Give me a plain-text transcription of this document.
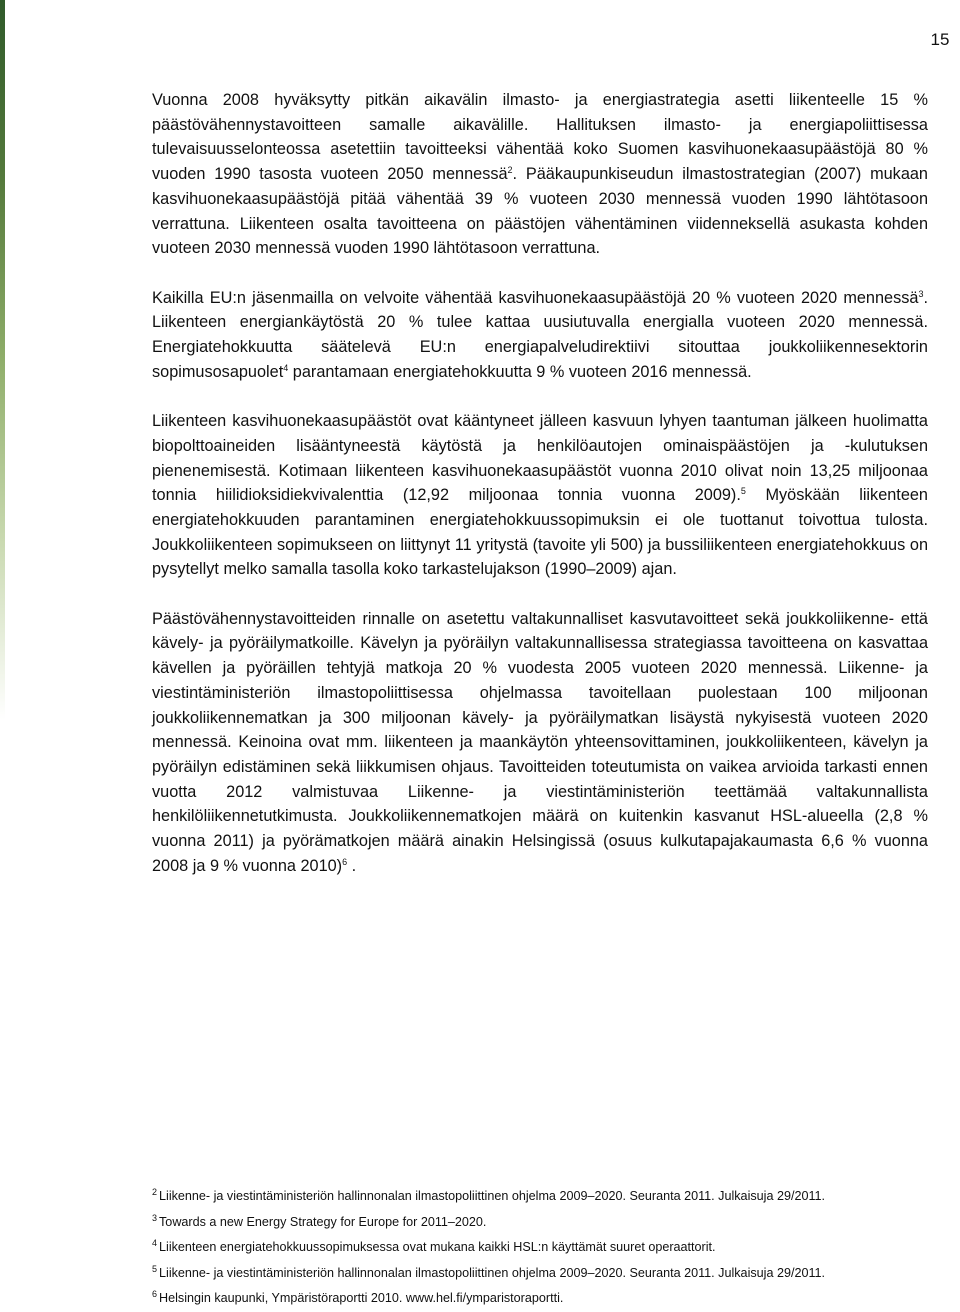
15

Vuonna 2008 hyväksytty pitkän aikavälin ilmasto- ja energiastrategia asetti liikenteelle 15 % päästövähennystavoitteen samalle aikavälille. Hallituksen ilmasto- ja energiapoliittisessa tulevaisuusselonteossa asetettiin tavoitteeksi vähentää koko Suomen kasvihuonekaasupäästöjä 80 % vuoden 1990 tasosta vuoteen 2050 mennessä$^2$. Pääkaupunkiseudun ilmastostrategian (2007) mukaan kasvihuonekaasupäästöjä pitää vähentää 39 % vuoteen 2030 mennessä vuoden 1990 lähtötasoon verrattuna. Liikenteen osalta tavoitteena on päästöjen vähentäminen viidenneksellä asukasta kohden vuoteen 2030 mennessä vuoden 1990 lähtötasoon verrattuna.

Kaikilla EU:n jäsenmailla on velvoite vähentää kasvihuonekaasupäästöjä 20 % vuoteen 2020 mennessä$^3$. Liikenteen energiankäytöstä 20 % tulee kattaa uusiutuvalla energialla vuoteen 2020 mennessä. Energiatehokkuutta säätelevä EU:n energiapalveludirektiivi sitouttaa joukkoliikennesektorin sopimusosapuolet$^4$ parantamaan energiatehokkuutta 9 % vuoteen 2016 mennessä.

Liikenteen kasvihuonekaasupäästöt ovat kääntyneet jälleen kasvuun lyhyen taantuman jälkeen huolimatta biopolttoaineiden lisääntyneestä käytöstä ja henkilöautojen ominaispäästöjen ja -kulutuksen pienenemisestä. Kotimaan liikenteen kasvihuonekaasupäästöt vuonna 2010 olivat noin 13,25 miljoonaa tonnia hiilidioksidiekvivalenttia (12,92 miljoonaa tonnia vuonna 2009).$^5$ Myöskään liikenteen energiatehokkuuden parantaminen energiatehokkuussopimuksin ei ole tuottanut toivottua tulosta. Joukkoliikenteen sopimukseen on liittynyt 11 yritystä (tavoite yli 500) ja bussiliikenteen energiatehokkuus on pysytellyt melko samalla tasolla koko tarkastelujakson (1990–2009) ajan.

Päästövähennystavoitteiden rinnalle on asetettu valtakunnalliset kasvutavoitteet sekä joukkoliikenne- että kävely- ja pyöräilymatkoille. Kävelyn ja pyöräilyn valtakunnallisessa strategiassa tavoitteena on kasvattaa kävellen ja pyöräillen tehtyjä matkoja 20 % vuodesta 2005 vuoteen 2020 mennessä. Liikenne- ja viestintäministeriön ilmastopoliittisessa ohjelmassa tavoitellaan puolestaan 100 miljoonan joukkoliikennematkan ja 300 miljoonan kävely- ja pyöräilymatkan lisäystä nykyisestä vuoteen 2020 mennessä. Keinoina ovat mm. liikenteen ja maankäytön yhteensovittaminen, joukkoliikenteen, kävelyn ja pyöräilyn edistäminen sekä liikkumisen ohjaus. Tavoitteiden toteutumista on vaikea arvioida tarkasti ennen vuotta 2012 valmistuvaa Liikenne- ja viestintäministeriön teettämää valtakunnallista henkilöliikennetutkimusta. Joukkoliikennematkojen määrä on kuitenkin kasvanut HSL-alueella (2,8 % vuonna 2011) ja pyörämatkojen määrä ainakin Helsingissä (osuus kulkutapajakaumasta 6,6 % vuonna 2008 ja 9 % vuonna 2010)$^6$ .

$^2$ Liikenne- ja viestintäministeriön hallinnonalan ilmastopoliittinen ohjelma 2009–2020. Seuranta 2011. Julkaisuja 29/2011.

$^3$ Towards a new Energy Strategy for Europe for 2011–2020.

$^4$ Liikenteen energiatehokkuussopimuksessa ovat mukana kaikki HSL:n käyttämät suuret operaattorit.

$^5$ Liikenne- ja viestintäministeriön hallinnonalan ilmastopoliittinen ohjelma 2009–2020. Seuranta 2011. Julkaisuja 29/2011.

$^6$ Helsingin kaupunki, Ympäristöraportti 2010. www.hel.fi/ymparistoraportti.
